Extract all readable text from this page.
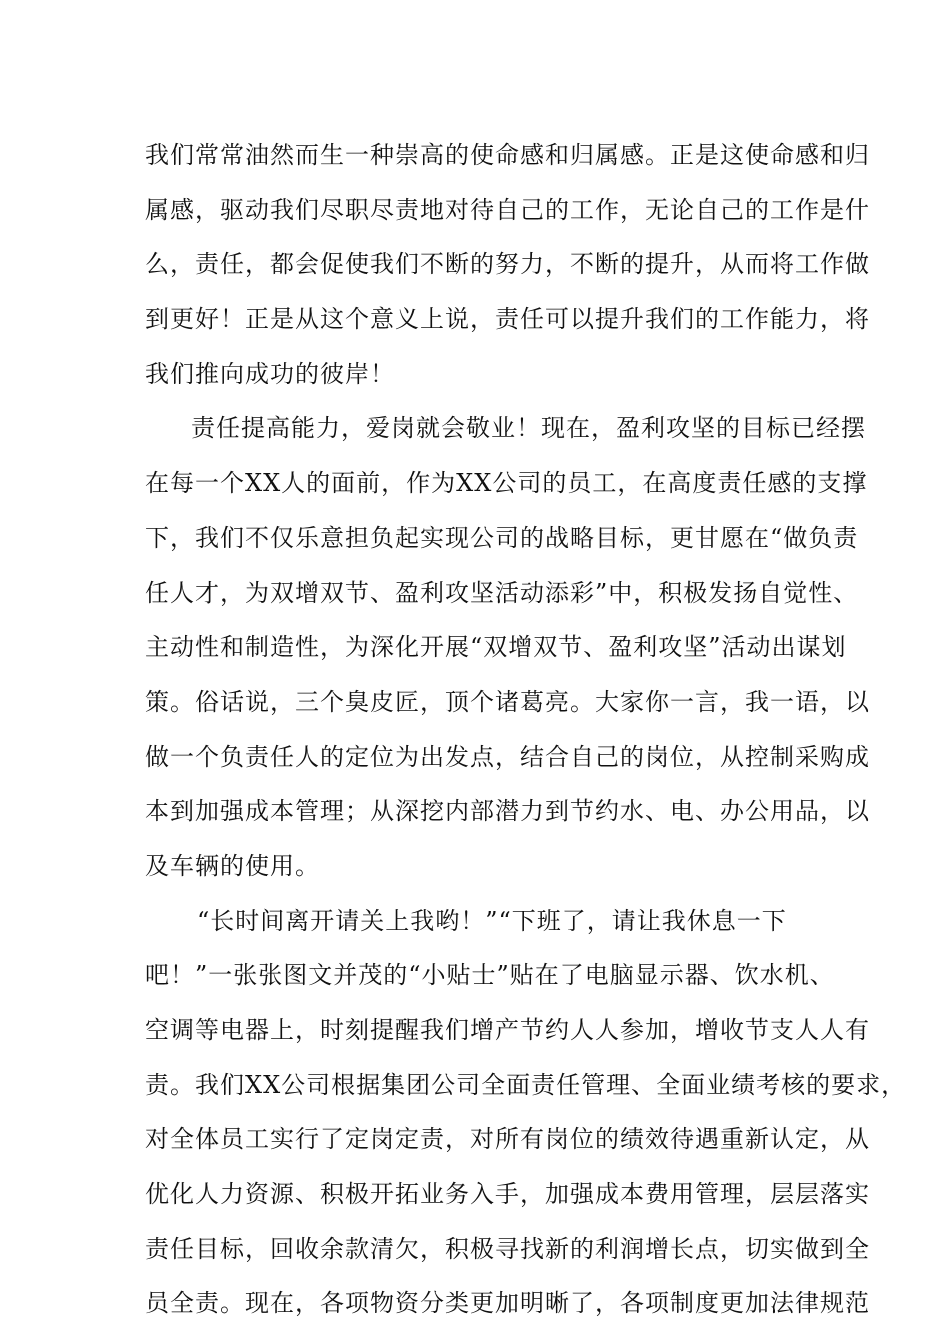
我们常常油然而生一种崇高的使命感和归属感。正是这使命感和归
属感，驱动我们尽职尽责地对待自己的工作，无论自己的工作是什
么，责任，都会促使我们不断的努力，不断的提升，从而将工作做
到更好！正是从这个意义上说，责任可以提升我们的工作能力，将
我们推向成功的彼岸！
责任提高能力，爱岗就会敬业！现在，盈利攻坚的目标已经摆
在每一个XX人的面前，作为XX公司的员工，在高度责任感的支撑
下，我们不仅乐意担负起实现公司的战略目标，更甘愿在“做负责
任人才，为双增双节、盈利攻坚活动添彩”中，积极发扬自觉性、
主动性和制造性，为深化开展“双增双节、盈利攻坚”活动出谋划
策。俗话说，三个臭皮匠，顶个诸葛亮。大家你一言，我一语，以
做一个负责任人的定位为出发点，结合自己的岗位，从控制采购成
本到加强成本管理；从深挖内部潜力到节约水、电、办公用品，以
及车辆的使用。
“长时间离开请关上我哟！”“下班了，请让我休息一下
吧！”一张张图文并茂的“小贴士”贴在了电脑显示器、饮水机、
空调等电器上，时刻提醒我们增产节约人人参加，增收节支人人有
责。我们XX公司根据集团公司全面责任管理、全面业绩考核的要求，
对全体员工实行了定岗定责，对所有岗位的绩效待遇重新认定，从
优化人力资源、积极开拓业务入手，加强成本费用管理，层层落实
责任目标，回收余款清欠，积极寻找新的利润增长点，切实做到全
员全责。现在，各项物资分类更加明晰了，各项制度更加法律规范
